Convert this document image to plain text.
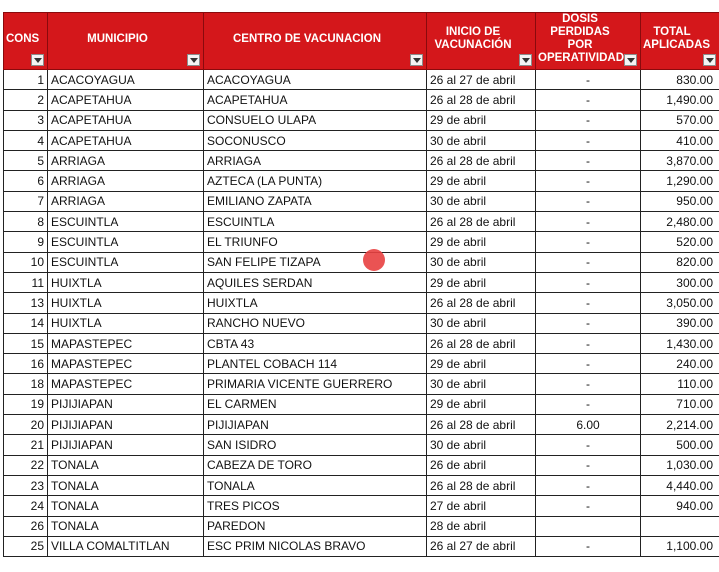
CONS	MUNICIPIO	CENTRO DE VACUNACION	INICIO DE VACUNACIÓN	DOSIS PERDIDAS POR OPERATIVIDAD	TOTAL APLICADAS

1	ACACOYAGUA	ACACOYAGUA	26 al 27 de abril	-	830.00
2	ACAPETAHUA	ACAPETAHUA	26 al 28 de abril	-	1,490.00
3	ACAPETAHUA	CONSUELO ULAPA	29 de abril	-	570.00
4	ACAPETAHUA	SOCONUSCO	30 de abril	-	410.00
5	ARRIAGA	ARRIAGA	26 al 28 de abril	-	3,870.00
6	ARRIAGA	AZTECA (LA PUNTA)	29 de abril	-	1,290.00
7	ARRIAGA	EMILIANO ZAPATA	30 de abril	-	950.00
8	ESCUINTLA	ESCUINTLA	26 al 28 de abril	-	2,480.00
9	ESCUINTLA	EL TRIUNFO	29 de abril	-	520.00
10	ESCUINTLA	SAN FELIPE TIZAPA	30 de abril	-	820.00
11	HUIXTLA	AQUILES SERDAN	29 de abril	-	300.00
13	HUIXTLA	HUIXTLA	26 al 28 de abril	-	3,050.00
14	HUIXTLA	RANCHO NUEVO	30 de abril	-	390.00
15	MAPASTEPEC	CBTA 43	26 al 28 de abril	-	1,430.00
16	MAPASTEPEC	PLANTEL COBACH 114	29 de abril	-	240.00
18	MAPASTEPEC	PRIMARIA VICENTE GUERRERO	30 de abril	-	110.00
19	PIJIJIAPAN	EL CARMEN	29 de abril	-	710.00
20	PIJIJIAPAN	PIJIJIAPAN	26 al 28 de abril	6.00	2,214.00
21	PIJIJIAPAN	SAN ISIDRO	30 de abril	-	500.00
22	TONALA	CABEZA DE TORO	26 de abril	-	1,030.00
23	TONALA	TONALA	26 al 28 de abril	-	4,440.00
24	TONALA	TRES PICOS	27 de abril	-	940.00
26	TONALA	PAREDON	28 de abril		
25	VILLA COMALTITLAN	ESC PRIM NICOLAS BRAVO	26 al 27 de abril	-	1,100.00
